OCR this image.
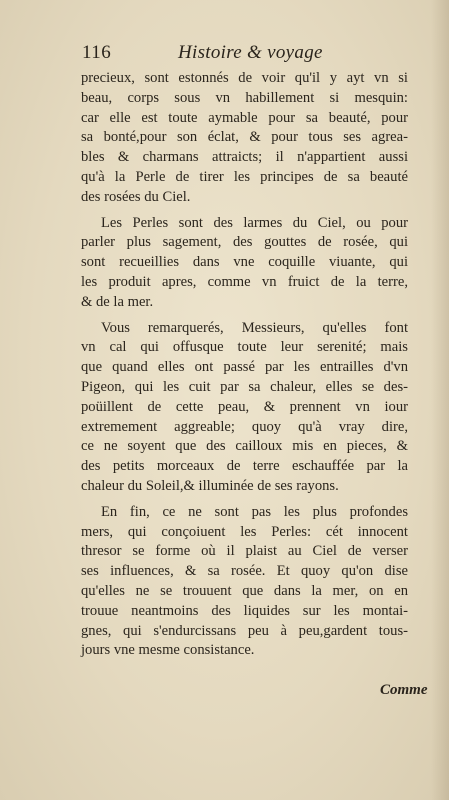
116	Histoire & voyage
precieux, sont estonnés de voir qu'il y ayt vn si
beau, corps sous vn habillement si mesquin:
car elle est toute aymable pour sa beauté, pour
sa bonté,pour son éclat, & pour tous ses agrea-
bles & charmans attraicts; il n'appartient aussi
qu'à la Perle de tirer les principes de sa beauté
des rosées du Ciel.
Les Perles sont des larmes du Ciel, ou pour
parler plus sagement, des gouttes de rosée, qui
sont recueillies dans vne coquille viuante, qui
les produit apres, comme vn fruict de la terre,
& de la mer.
Vous remarquerés, Messieurs, qu'elles font
vn cal qui offusque toute leur serenité; mais
que quand elles ont passé par les entrailles d'vn
Pigeon, qui les cuit par sa chaleur, elles se des-
poüillent de cette peau, & prennent vn iour
extremement aggreable; quoy qu'à vray dire,
ce ne soyent que des cailloux mis en pieces, &
des petits morceaux de terre eschauffée par la
chaleur du Soleil,& illuminée de ses rayons.
En fin, ce ne sont pas les plus profondes
mers, qui conçoiuent les Perles: cét innocent
thresor se forme où il plaist au Ciel de verser
ses influences, & sa rosée. Et quoy qu'on dise
qu'elles ne se trouuent que dans la mer, on en
trouue neantmoins des liquides sur les montai-
gnes, qui s'endurcissans peu à peu,gardent tous-
jours vne mesme consistance.
Comme
